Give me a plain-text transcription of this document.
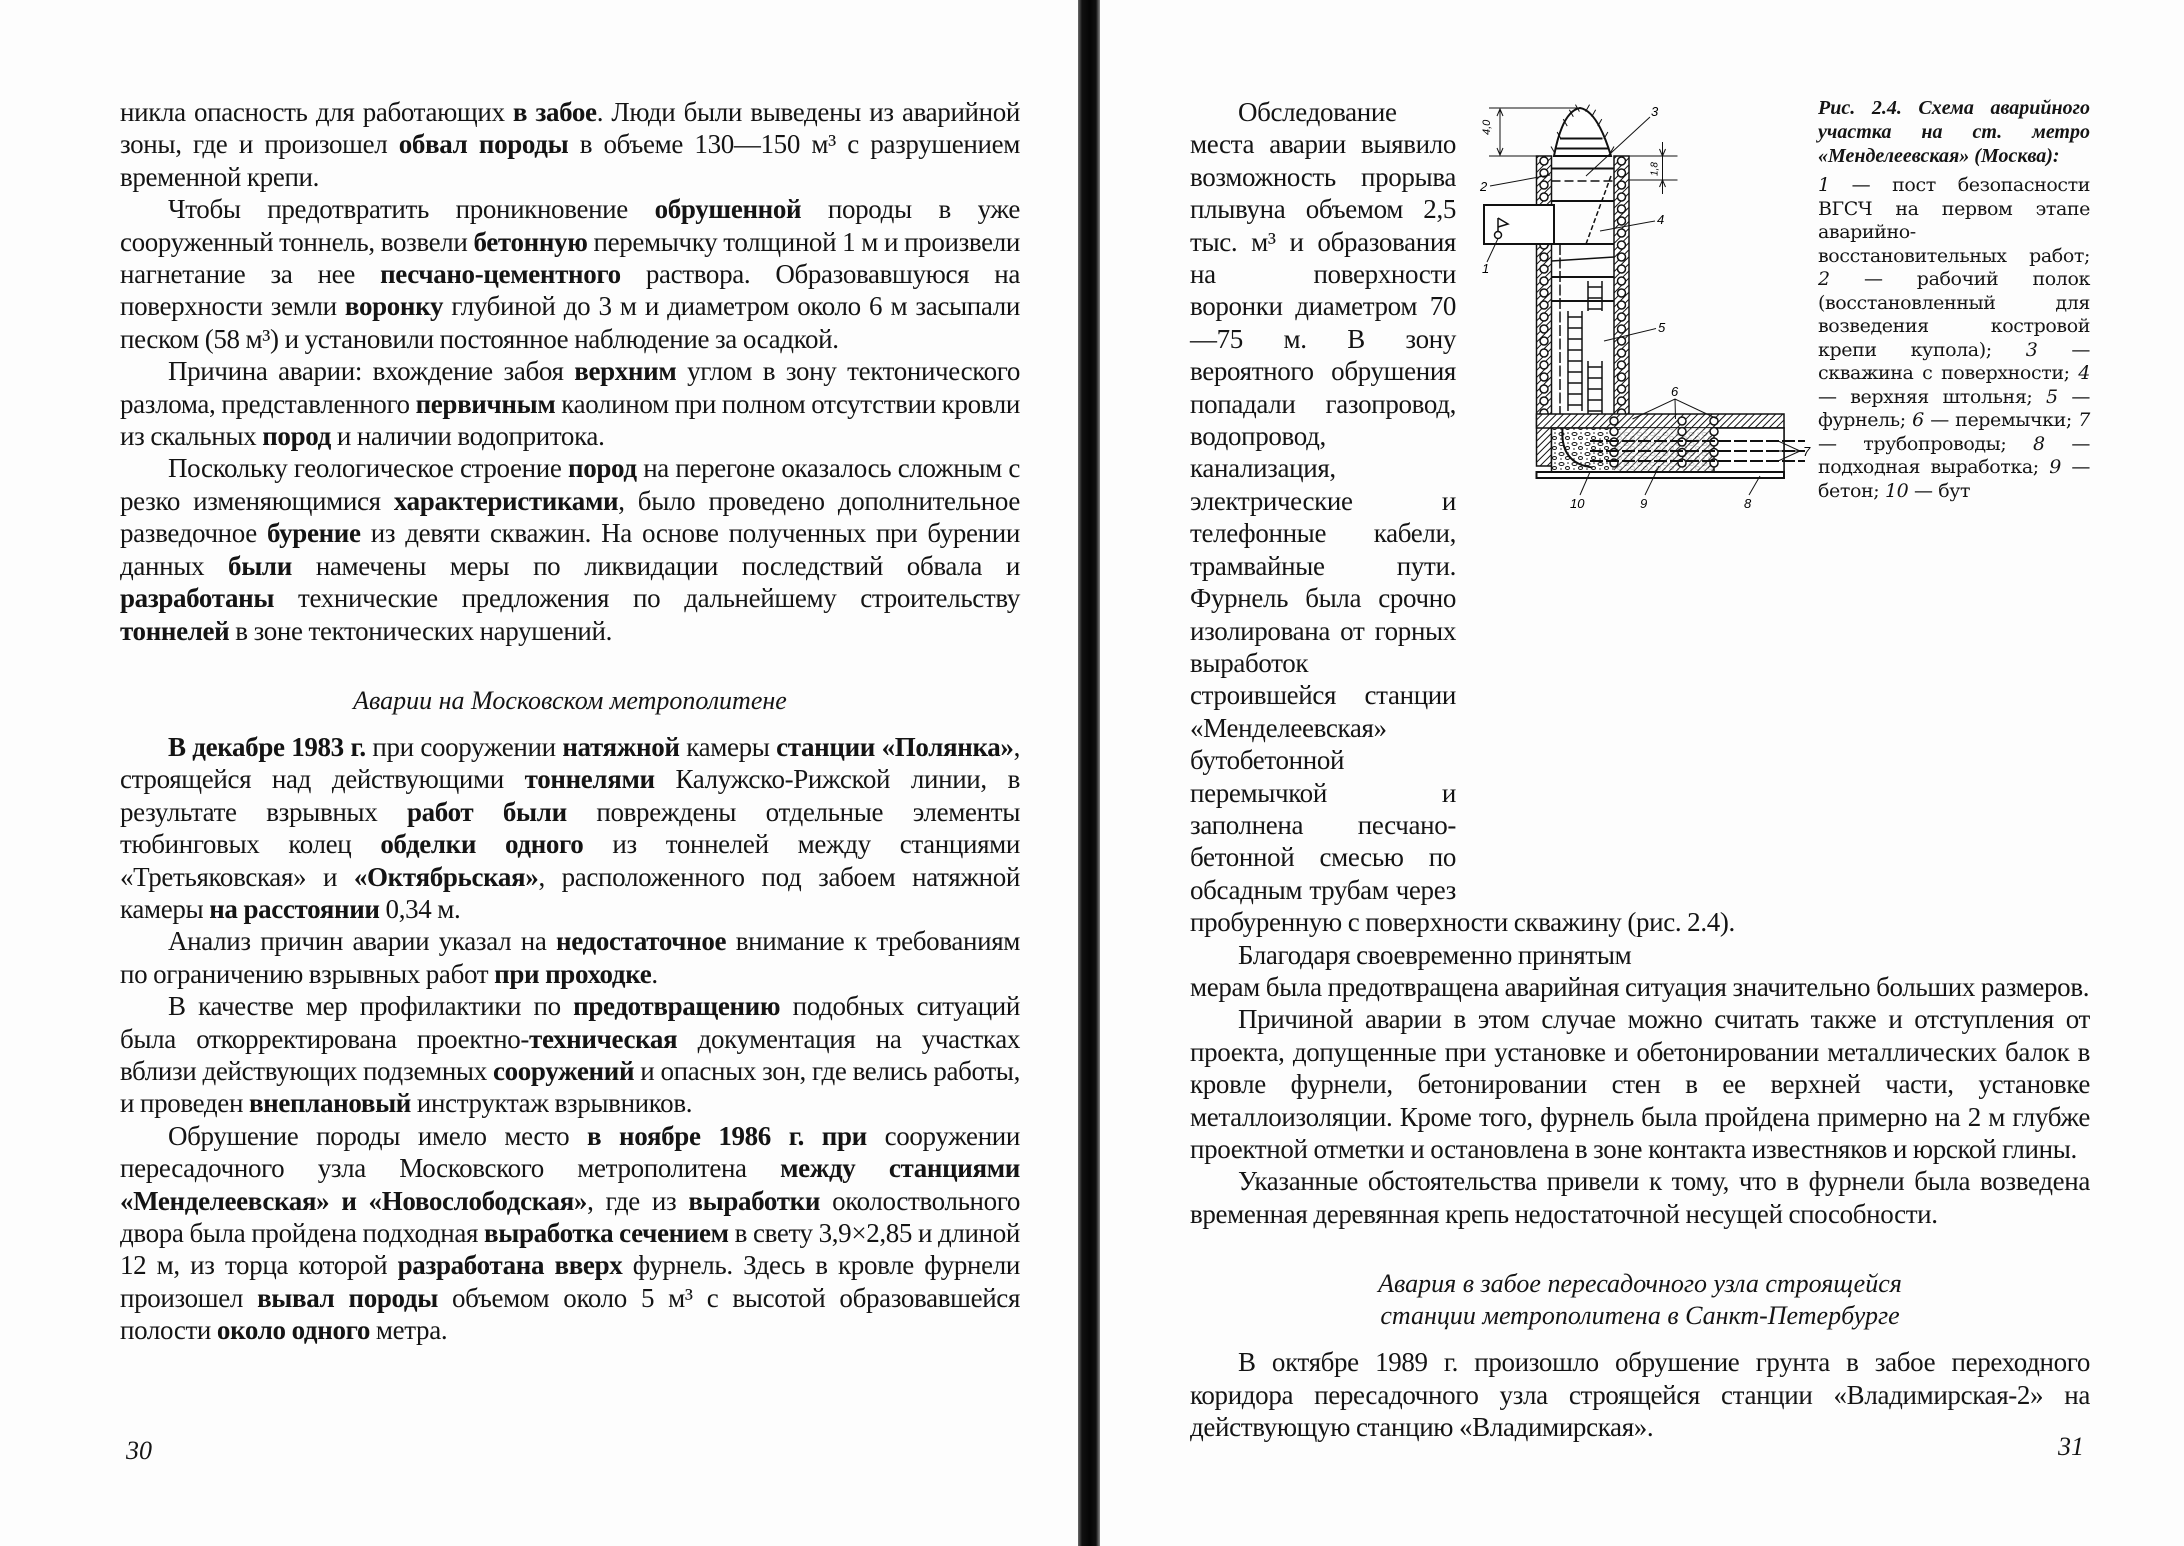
никла опасность для работающих в забое. Люди были выведены из аварийной зоны, где и произошел обвал породы в объеме 130—150 м³ с разрушением временной крепи.

Чтобы предотвратить проникновение обрушенной породы в уже сооруженный тоннель, возвели бетонную перемычку толщиной 1 м и произвели нагнетание за нее песчано-цементного раствора. Образовавшуюся на поверхности земли воронку глубиной до 3 м и диаметром около 6 м засыпали песком (58 м³) и установили постоянное наблюдение за осадкой.

Причина аварии: вхождение забоя верхним углом в зону тектонического разлома, представленного первичным каолином при полном отсутствии кровли из скальных пород и наличии водопритока.

Поскольку геологическое строение пород на перегоне оказалось сложным с резко изменяющимися характеристиками, было проведено дополнительное разведочное бурение из девяти скважин. На основе полученных при бурении данных были намечены меры по ликвидации последствий обвала и разработаны технические предложения по дальнейшему строительству тоннелей в зоне тектонических нарушений.

Аварии на Московском метрополитене

В декабре 1983 г. при сооружении натяжной камеры станции «Полянка», строящейся над действующими тоннелями Калужско-Рижской линии, в результате взрывных работ были повреждены отдельные элементы тюбинговых колец обделки одного из тоннелей между станциями «Третьяковская» и «Октябрьская», расположенного под забоем натяжной камеры на расстоянии 0,34 м.

Анализ причин аварии указал на недостаточное внимание к требованиям по ограничению взрывных работ при проходке.

В качестве мер профилактики по предотвращению подобных ситуаций была откорректирована проектно-техническая документация на участках вблизи действующих подземных сооружений и опасных зон, где велись работы, и проведен внеплановый инструктаж взрывников.

Обрушение породы имело место в ноябре 1986 г. при сооружении пересадочного узла Московского метрополитена между станциями «Менделеевская» и «Новослободская», где из выработки околоствольного двора была пройдена подходная выработка сечением в свету 3,9×2,85 и длиной 12 м, из торца которой разработана вверх фурнель. Здесь в кровле фурнели произошел вывал породы объемом около 5 м³ с высотой образовавшейся полости около одного метра.

30
4,0
1,8
1
2
3
4
5
6
7
8
9
10

Рис. 2.4. Схема аварийного участка на ст. метро «Менделеевская» (Москва):

1 — пост безопасности ВГСЧ на первом этапе аварийно-восстановительных работ; 2 — рабочий полок (восстановленный для возведения костровой крепи купола); 3 — скважина с поверхности; 4 — верхняя штольня; 5 — фурнель; 6 — перемычки; 7 — трубопроводы; 8 — подходная выработка; 9 — бетон; 10 — бут

Обследование места аварии выявило возможность прорыва плывуна объемом 2,5 тыс. м³ и образования на поверхности воронки диаметром 70—75 м. В зону вероятного обрушения попадали газопровод, водопровод, канализация, электрические и телефонные кабели, трамвайные пути. Фурнель была срочно изолирована от горных выработок строившейся станции «Менделеевская» бутобетонной перемычкой и заполнена песчано-бетонной смесью по обсадным трубам через пробуренную с поверхности скважину (рис. 2.4).

Благодаря своевременно принятым

мерам была предотвращена аварийная ситуация значительно больших размеров.

Причиной аварии в этом случае можно считать также и отступления от проекта, допущенные при установке и обетонировании металлических балок в кровле фурнели, бетонировании стен в ее верхней части, установке металлоизоляции. Кроме того, фурнель была пройдена примерно на 2 м глубже проектной отметки и остановлена в зоне контакта известняков и юрской глины.

Указанные обстоятельства привели к тому, что в фурнели была возведена временная деревянная крепь недостаточной несущей способности.

Авария в забое пересадочного узла строящейся

станции метрополитена в Санкт-Петербурге

В октябре 1989 г. произошло обрушение грунта в забое переходного коридора пересадочного узла строящейся станции «Владимирская-2» на действующую станцию «Владимирская».

31
